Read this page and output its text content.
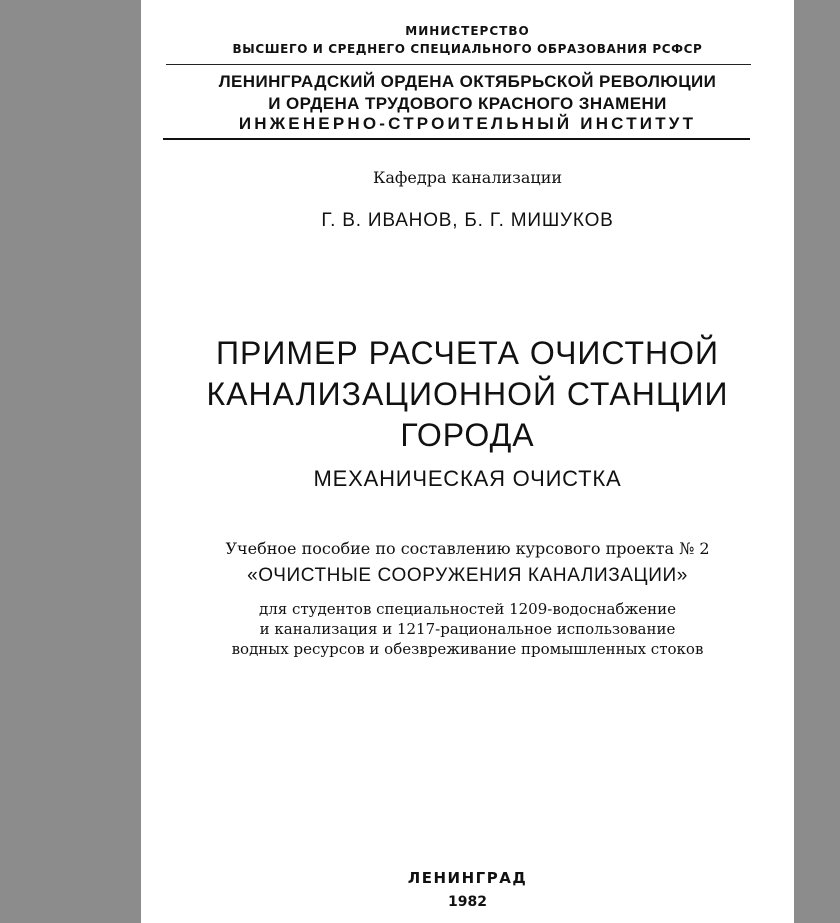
МИНИСТЕРСТВО
ВЫСШЕГО И СРЕДНЕГО СПЕЦИАЛЬНОГО ОБРАЗОВАНИЯ РСФСР
ЛЕНИНГРАДСКИЙ ОРДЕНА ОКТЯБРЬСКОЙ РЕВОЛЮЦИИ
И ОРДЕНА ТРУДОВОГО КРАСНОГО ЗНАМЕНИ
ИНЖЕНЕРНО-СТРОИТЕЛЬНЫЙ ИНСТИТУТ
Кафедра канализации
Г. В. ИВАНОВ, Б. Г. МИШУКОВ
ПРИМЕР РАСЧЕТА ОЧИСТНОЙ
КАНАЛИЗАЦИОННОЙ СТАНЦИИ
ГОРОДА
МЕХАНИЧЕСКАЯ ОЧИСТКА
Учебное пособие по составлению курсового проекта № 2
«ОЧИСТНЫЕ СООРУЖЕНИЯ КАНАЛИЗАЦИИ»
для студентов специальностей 1209-водоснабжение
и канализация и 1217-рациональное использование
водных ресурсов и обезвреживание промышленных стоков
ЛЕНИНГРАД
1982
